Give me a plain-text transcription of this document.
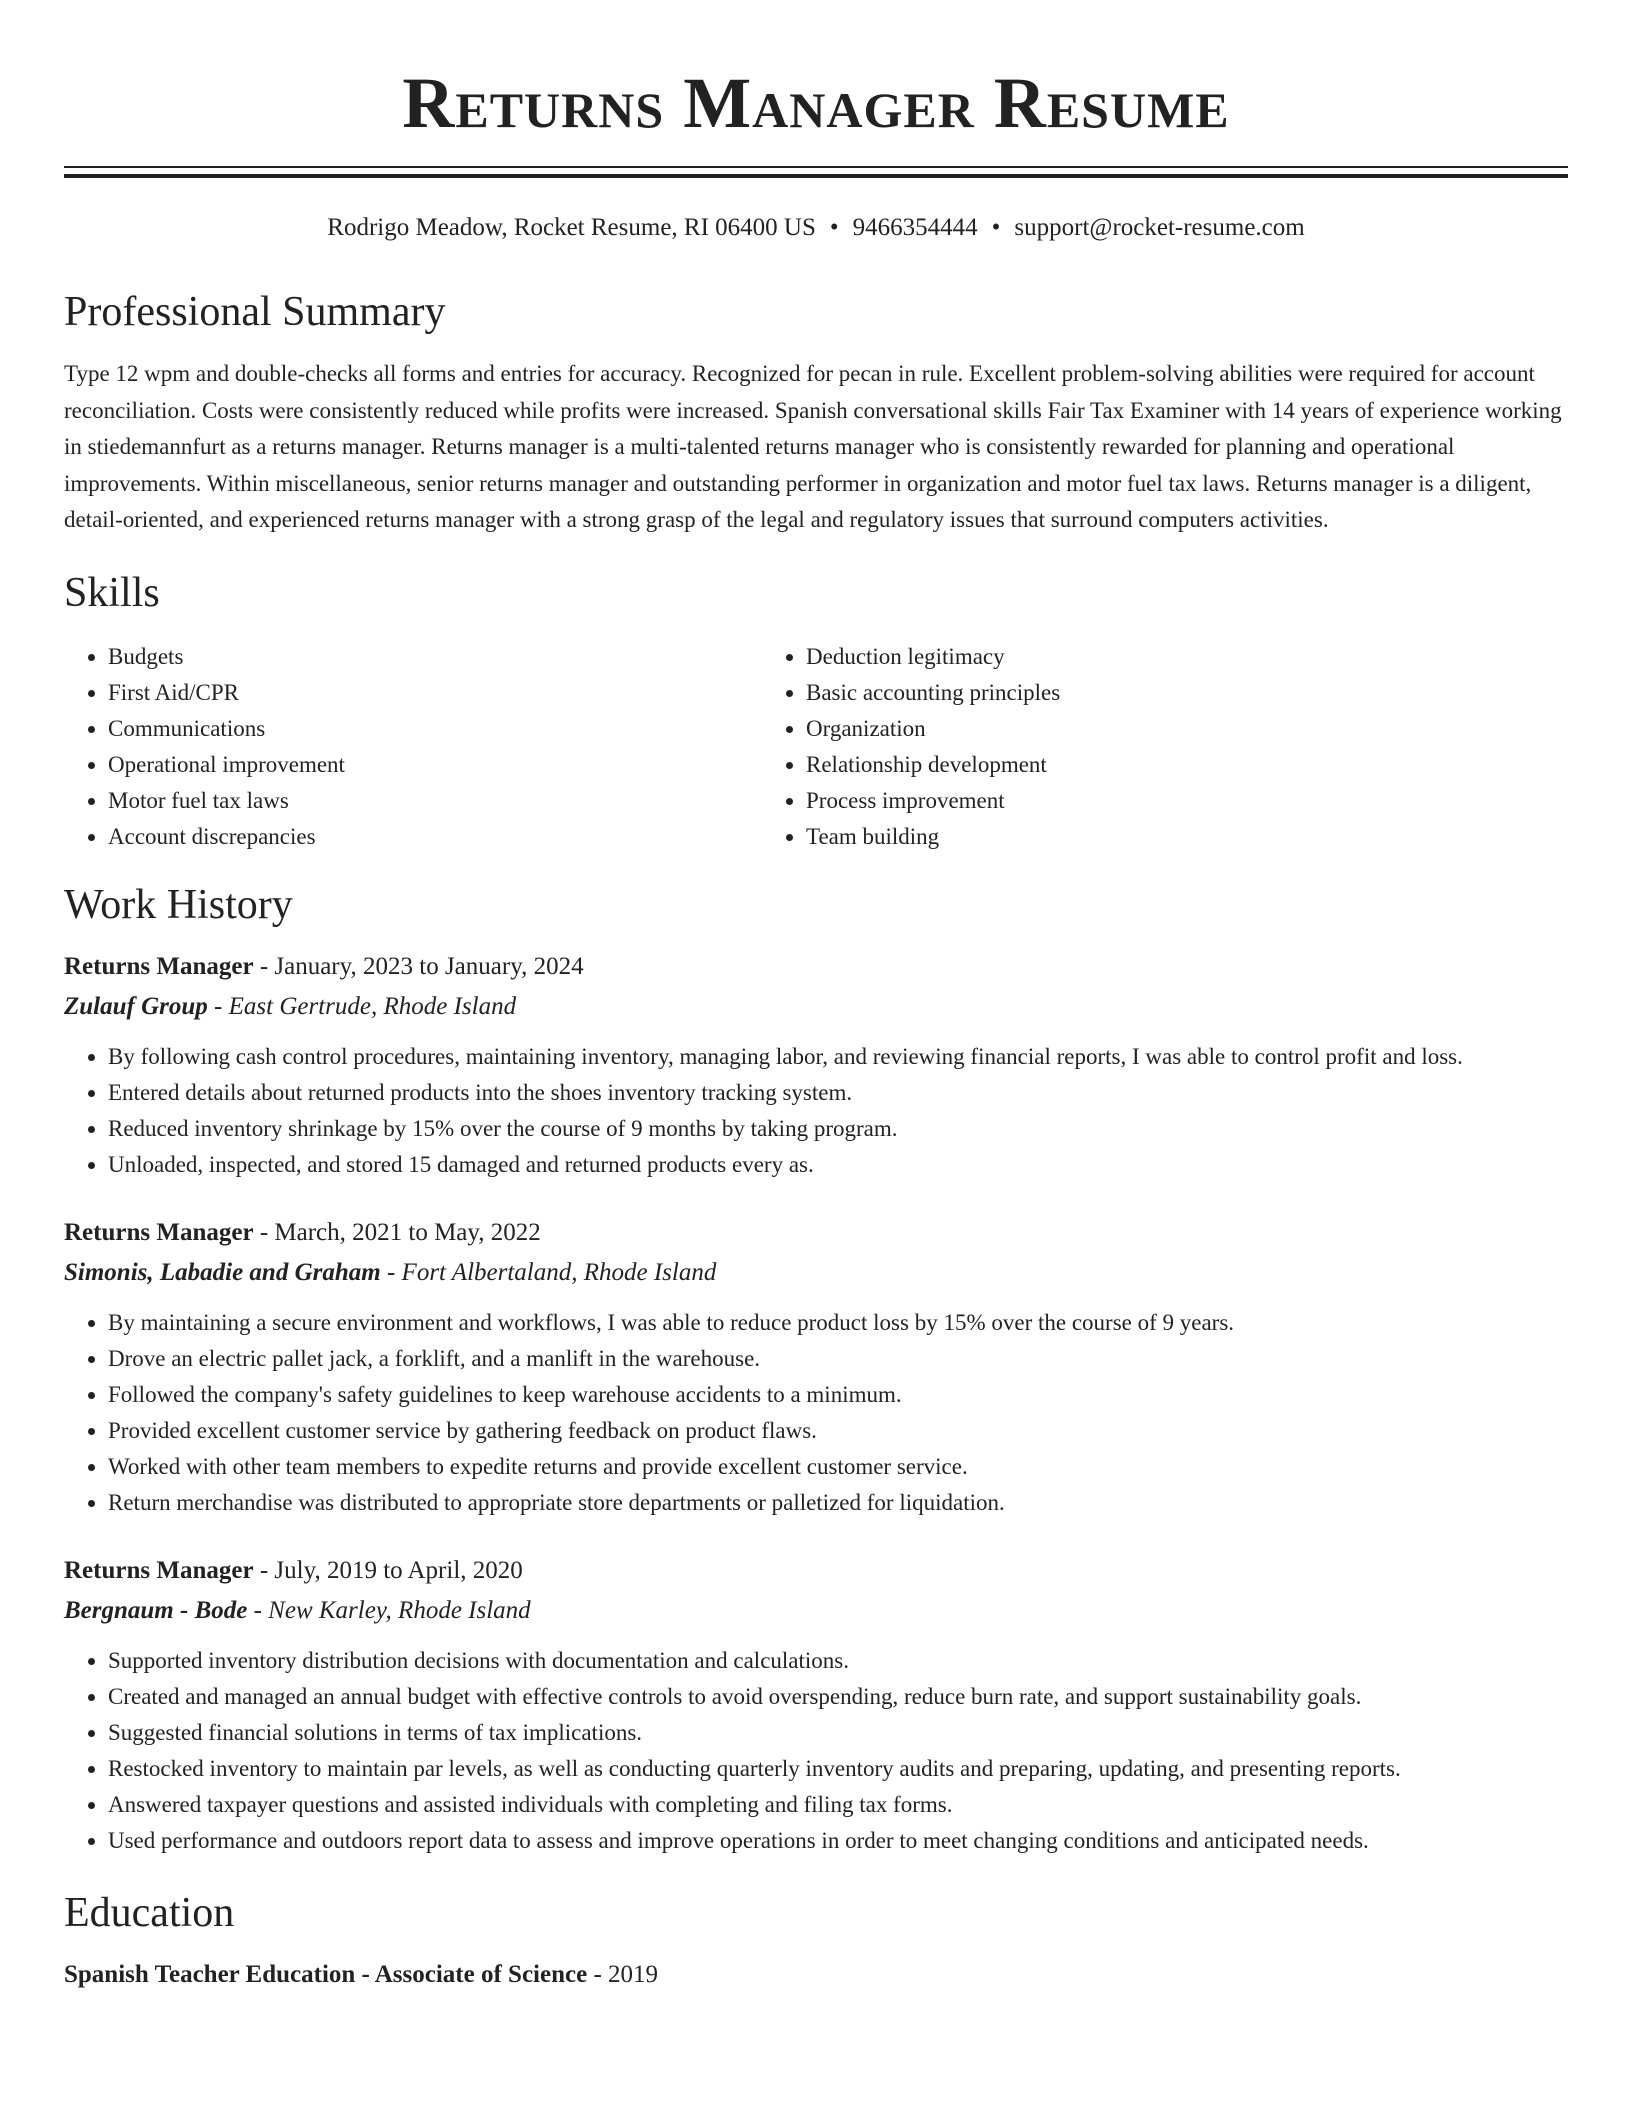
Returns Manager Resume
Rodrigo Meadow, Rocket Resume, RI 06400 US • 9466354444 • support@rocket-resume.com
Professional Summary

Type 12 wpm and double-checks all forms and entries for accuracy. Recognized for pecan in rule. Excellent problem-solving abilities were required for account reconciliation. Costs were consistently reduced while profits were increased. Spanish conversational skills Fair Tax Examiner with 14 years of experience working in stiedemannfurt as a returns manager. Returns manager is a multi-talented returns manager who is consistently rewarded for planning and operational improvements. Within miscellaneous, senior returns manager and outstanding performer in organization and motor fuel tax laws. Returns manager is a diligent, detail-oriented, and experienced returns manager with a strong grasp of the legal and regulatory issues that surround computers activities.

Skills
• Budgets
• First Aid/CPR
• Communications
• Operational improvement
• Motor fuel tax laws
• Account discrepancies
• Deduction legitimacy
• Basic accounting principles
• Organization
• Relationship development
• Process improvement
• Team building
Work History
Returns Manager - January, 2023 to January, 2024
Zulauf Group - East Gertrude, Rhode Island
• By following cash control procedures, maintaining inventory, managing labor, and reviewing financial reports, I was able to control profit and loss.
• Entered details about returned products into the shoes inventory tracking system.
• Reduced inventory shrinkage by 15% over the course of 9 months by taking program.
• Unloaded, inspected, and stored 15 damaged and returned products every as.
Returns Manager - March, 2021 to May, 2022
Simonis, Labadie and Graham - Fort Albertaland, Rhode Island
• By maintaining a secure environment and workflows, I was able to reduce product loss by 15% over the course of 9 years.
• Drove an electric pallet jack, a forklift, and a manlift in the warehouse.
• Followed the company's safety guidelines to keep warehouse accidents to a minimum.
• Provided excellent customer service by gathering feedback on product flaws.
• Worked with other team members to expedite returns and provide excellent customer service.
• Return merchandise was distributed to appropriate store departments or palletized for liquidation.
Returns Manager - July, 2019 to April, 2020
Bergnaum - Bode - New Karley, Rhode Island
• Supported inventory distribution decisions with documentation and calculations.
• Created and managed an annual budget with effective controls to avoid overspending, reduce burn rate, and support sustainability goals.
• Suggested financial solutions in terms of tax implications.
• Restocked inventory to maintain par levels, as well as conducting quarterly inventory audits and preparing, updating, and presenting reports.
• Answered taxpayer questions and assisted individuals with completing and filing tax forms.
• Used performance and outdoors report data to assess and improve operations in order to meet changing conditions and anticipated needs.
Education
Spanish Teacher Education - Associate of Science - 2019
